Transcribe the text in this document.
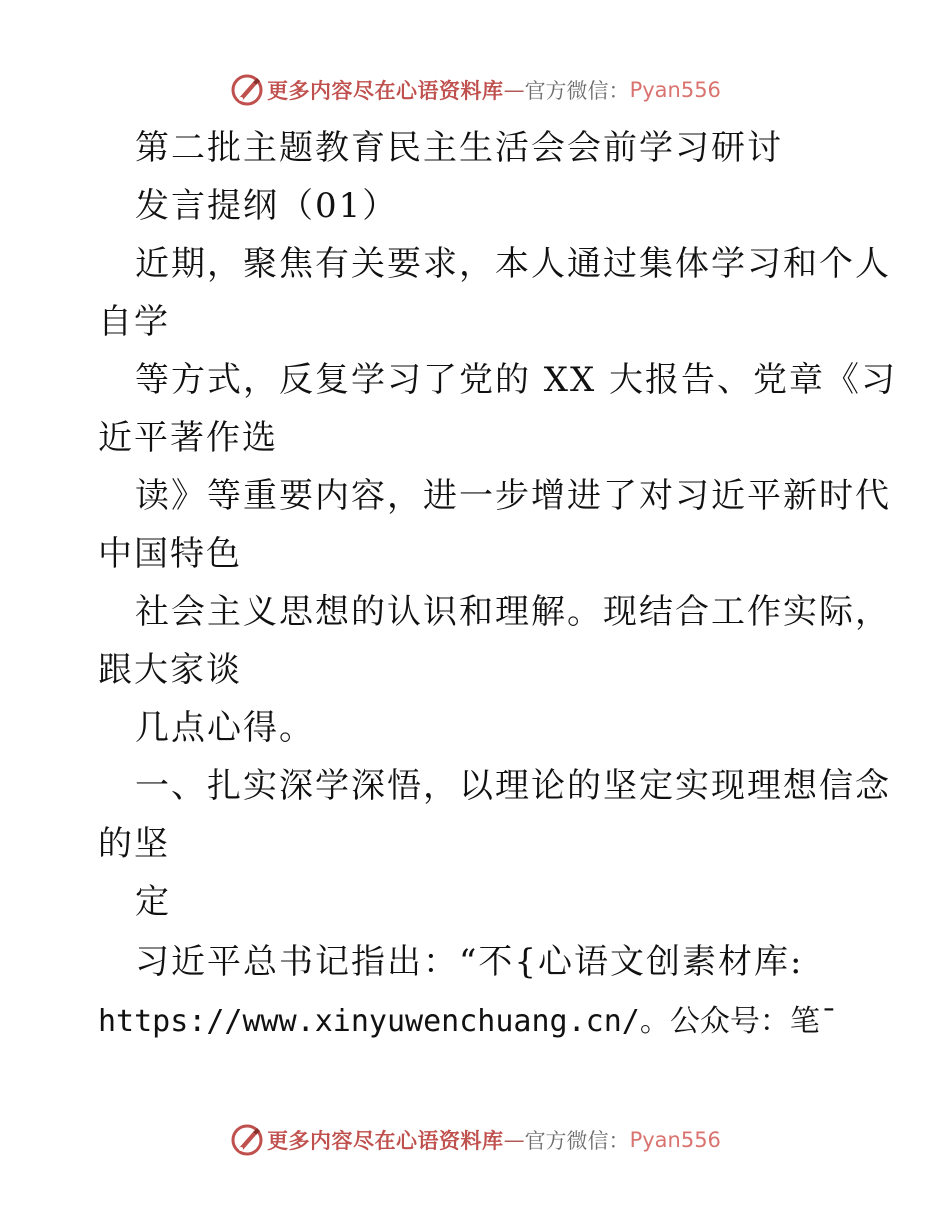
更多内容尽在心语资料库 — 官方微信： Pyan556
第二批主题教育民主生活会会前学习研讨
发言提纲（01）
近期，聚焦有关要求，本人通过集体学习和个人
自学
等方式，反复学习了党的 XX 大报告、党章《习
近平著作选
读》等重要内容，进一步增进了对习近平新时代
中国特色
社会主义思想的认识和理解。现结合工作实际，
跟大家谈
几点心得。
一、扎实深学深悟，以理论的坚定实现理想信念
的坚
定
习近平总书记指出：“不{心语文创素材库:
https://www.xinyuwenchuang.cn/。公众号：笔¯
更多内容尽在心语资料库 — 官方微信： Pyan556
